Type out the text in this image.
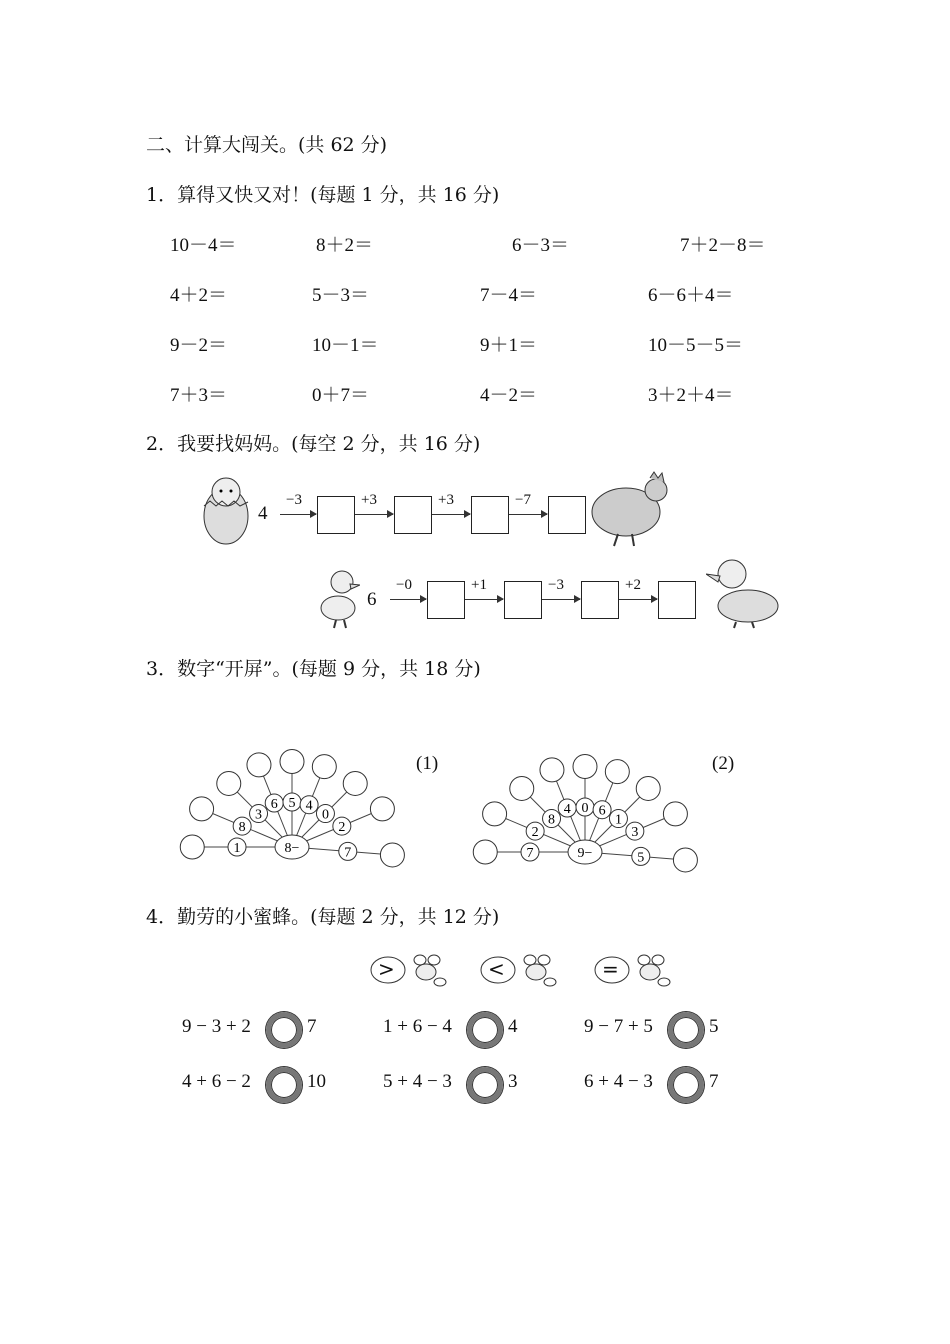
二、计算大闯关。(共 62 分)
1．算得又快又对！(每题 1 分，共 16 分)
2．我要找妈妈。(每空 2 分，共 16 分)
3．数字“开屏”。(每题 9 分，共 18 分)
(1)	(2)
1
8
3
6 5 4
0
2
7
8−	7
2
8
4 0 6
1
3
5
9−
4．勤劳的小蜜蜂。(每题 2 分，共 12 分)
10－4＝	8＋2＝	6－3＝	7＋2－8＝
4＋2＝	5－3＝	7－4＝	6－6＋4＝
9－2＝	10－1＝	9＋1＝	10－5－5＝
7＋3＝	0＋7＝	4－2＝	3＋2＋4＝
4
−3	+3	+3	−7
6
−0	+1	−3	+2
>	<	=
9 − 3 + 2	7	1 + 6 − 4	4	9 − 7 + 5	5
4 + 6 − 2	10	5 + 4 − 3	3	6 + 4 − 3	7
